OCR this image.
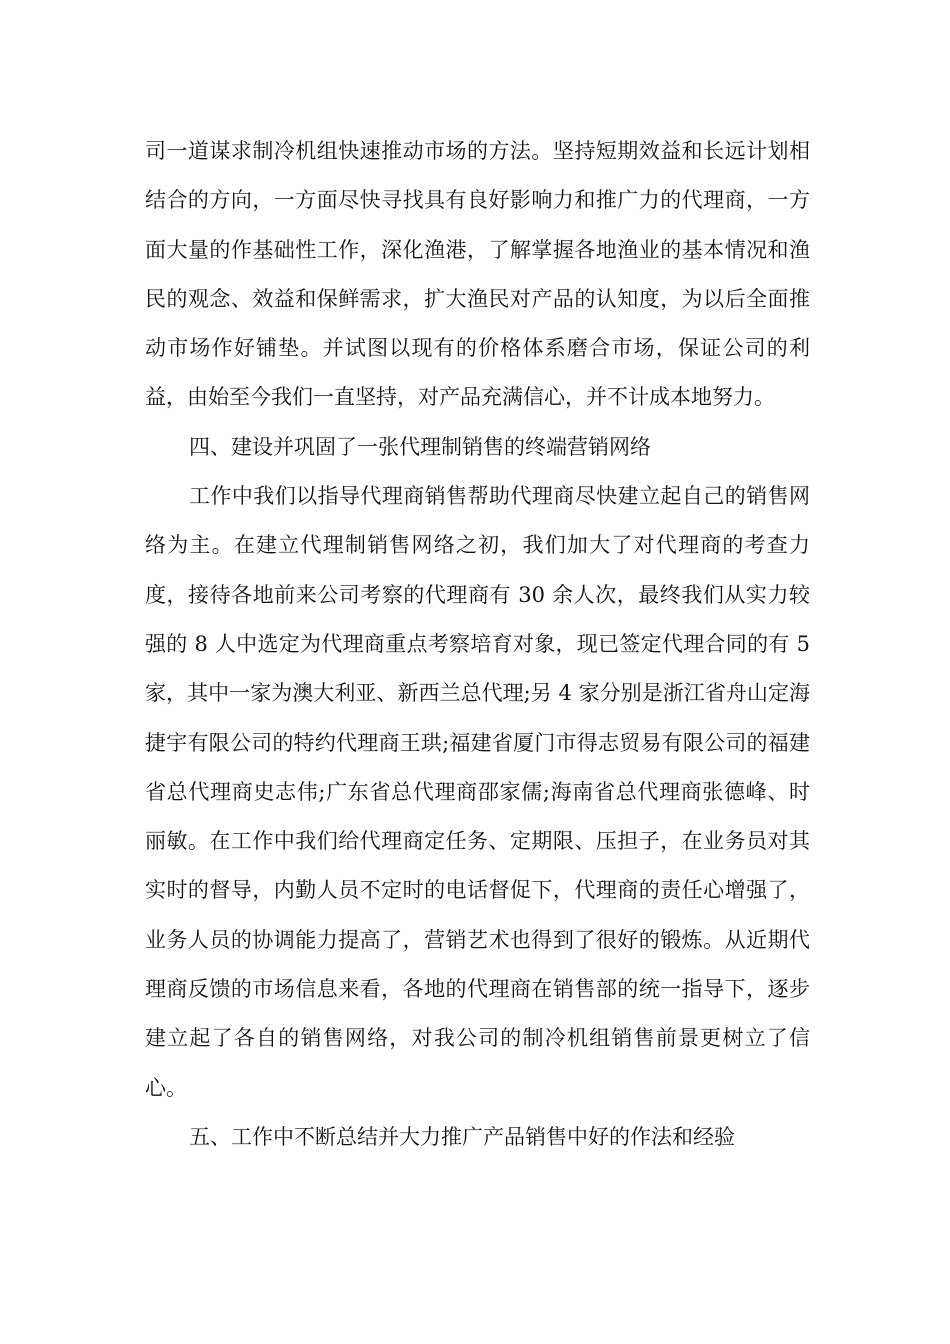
司一道谋求制冷机组快速推动市场的方法。坚持短期效益和长远计划相结合的方向，一方面尽快寻找具有良好影响力和推广力的代理商，一方面大量的作基础性工作，深化渔港，了解掌握各地渔业的基本情况和渔民的观念、效益和保鲜需求，扩大渔民对产品的认知度，为以后全面推动市场作好铺垫。并试图以现有的价格体系磨合市场，保证公司的利益，由始至今我们一直坚持，对产品充满信心，并不计成本地努力。

四、建设并巩固了一张代理制销售的终端营销网络

工作中我们以指导代理商销售帮助代理商尽快建立起自己的销售网络为主。在建立代理制销售网络之初，我们加大了对代理商的考查力度，接待各地前来公司考察的代理商有 30 余人次，最终我们从实力较强的 8 人中选定为代理商重点考察培育对象，现已签定代理合同的有 5 家，其中一家为澳大利亚、新西兰总代理;另 4 家分别是浙江省舟山定海捷宇有限公司的特约代理商王珙;福建省厦门市得志贸易有限公司的福建省总代理商史志伟;广东省总代理商邵家儒;海南省总代理商张德峰、时丽敏。在工作中我们给代理商定任务、定期限、压担子，在业务员对其实时的督导，内勤人员不定时的电话督促下，代理商的责任心增强了，业务人员的协调能力提高了，营销艺术也得到了很好的锻炼。从近期代理商反馈的市场信息来看，各地的代理商在销售部的统一指导下，逐步建立起了各自的销售网络，对我公司的制冷机组销售前景更树立了信心。

五、工作中不断总结并大力推广产品销售中好的作法和经验
